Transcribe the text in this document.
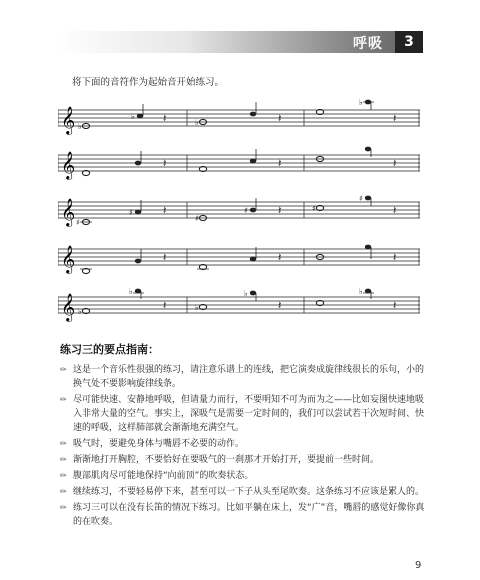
呼吸	3
将下面的音符作为起始音开始练习。
𝄞 ♭
♭	𝄽	♭	𝄽
♭
𝄽
𝄞	𝄽	𝄽	𝄽
𝄞 ♯
♯	𝄽
♯
♯	𝄽	♯
♯
𝄽
𝄞	𝄽	𝄽	𝄽
𝄞 ♭
♭
𝄽	♭
♭
𝄽
♭
𝄽
练习三的要点指南：
✏ 这是一个音乐性很强的练习，请注意乐谱上的连线，把它演奏成旋律线很长的乐句，小的换气处不要影响旋律线条。
✏ 尽可能快速、安静地呼吸，但请量力而行，不要明知不可为而为之——比如妄图快速地吸入非常大量的空气。事实上，深吸气是需要一定时间的，我们可以尝试若干次短时间、快速的呼吸，这样肺部就会渐渐地充满空气。
✏ 吸气时，要避免身体与嘴唇不必要的动作。
✏ 渐渐地打开胸腔，不要恰好在要吸气的一刹那才开始打开，要提前一些时间。
✏ 腹部肌肉尽可能地保持“向前顶”的吹奏状态。
✏ 继续练习，不要轻易停下来，甚至可以一下子从头至尾吹奏。这条练习不应该是累人的。
✏ 练习三可以在没有长笛的情况下练习。比如平躺在床上，发“广”音，嘴唇的感觉好像你真的在吹奏。
9
